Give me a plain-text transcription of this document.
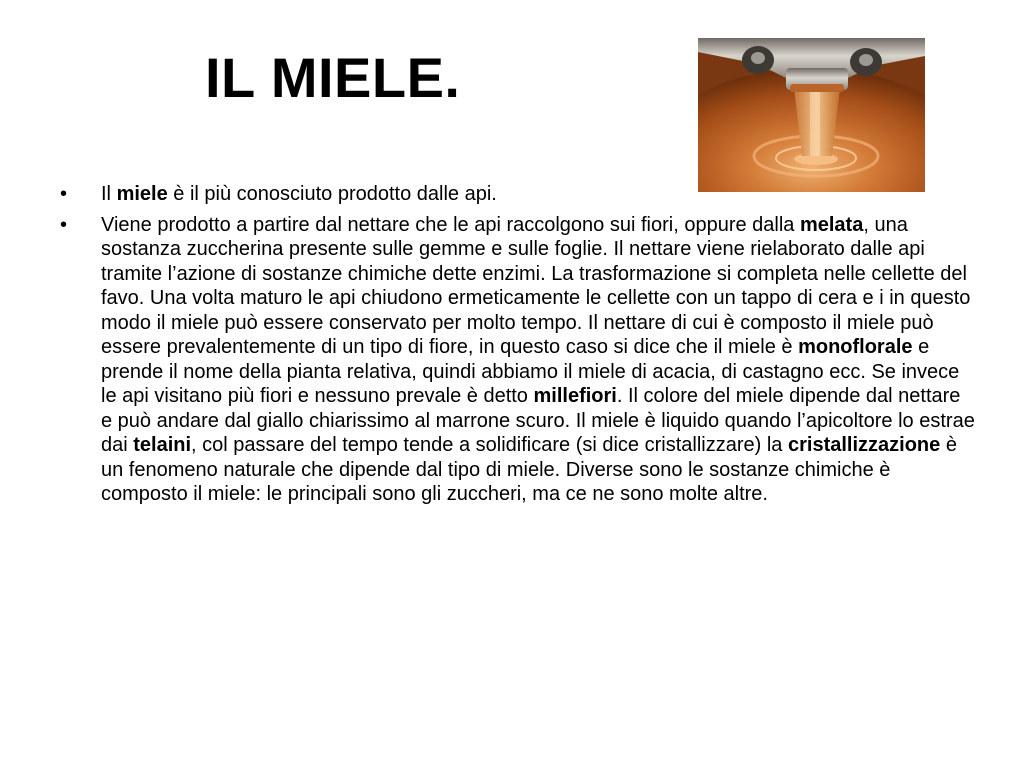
IL MIELE.
• Il miele è il più conosciuto prodotto dalle api.
• Viene prodotto a partire dal nettare che le api raccolgono sui fiori, oppure dalla melata, una sostanza zuccherina presente sulle gemme e sulle foglie. Il nettare viene rielaborato dalle api tramite l’azione di sostanze chimiche dette enzimi. La trasformazione si completa nelle cellette del favo. Una volta maturo le api chiudono ermeticamente le cellette con un tappo di cera e i in questo modo il miele può essere conservato per molto tempo. Il nettare di cui è composto il miele può essere prevalentemente di un tipo di fiore, in questo caso si dice che il miele è monoflorale e prende il nome della pianta relativa, quindi abbiamo il miele di acacia, di castagno ecc. Se invece le api visitano più fiori e nessuno prevale è detto millefiori. Il colore del miele dipende dal nettare e può andare dal giallo chiarissimo al marrone scuro. Il miele è liquido quando l’apicoltore lo estrae dai telaini, col passare del tempo tende a solidificare (si dice cristallizzare) la cristallizzazione è un fenomeno naturale che dipende dal tipo di miele. Diverse sono le sostanze chimiche è composto il miele: le principali sono gli zuccheri, ma ce ne sono molte altre.
